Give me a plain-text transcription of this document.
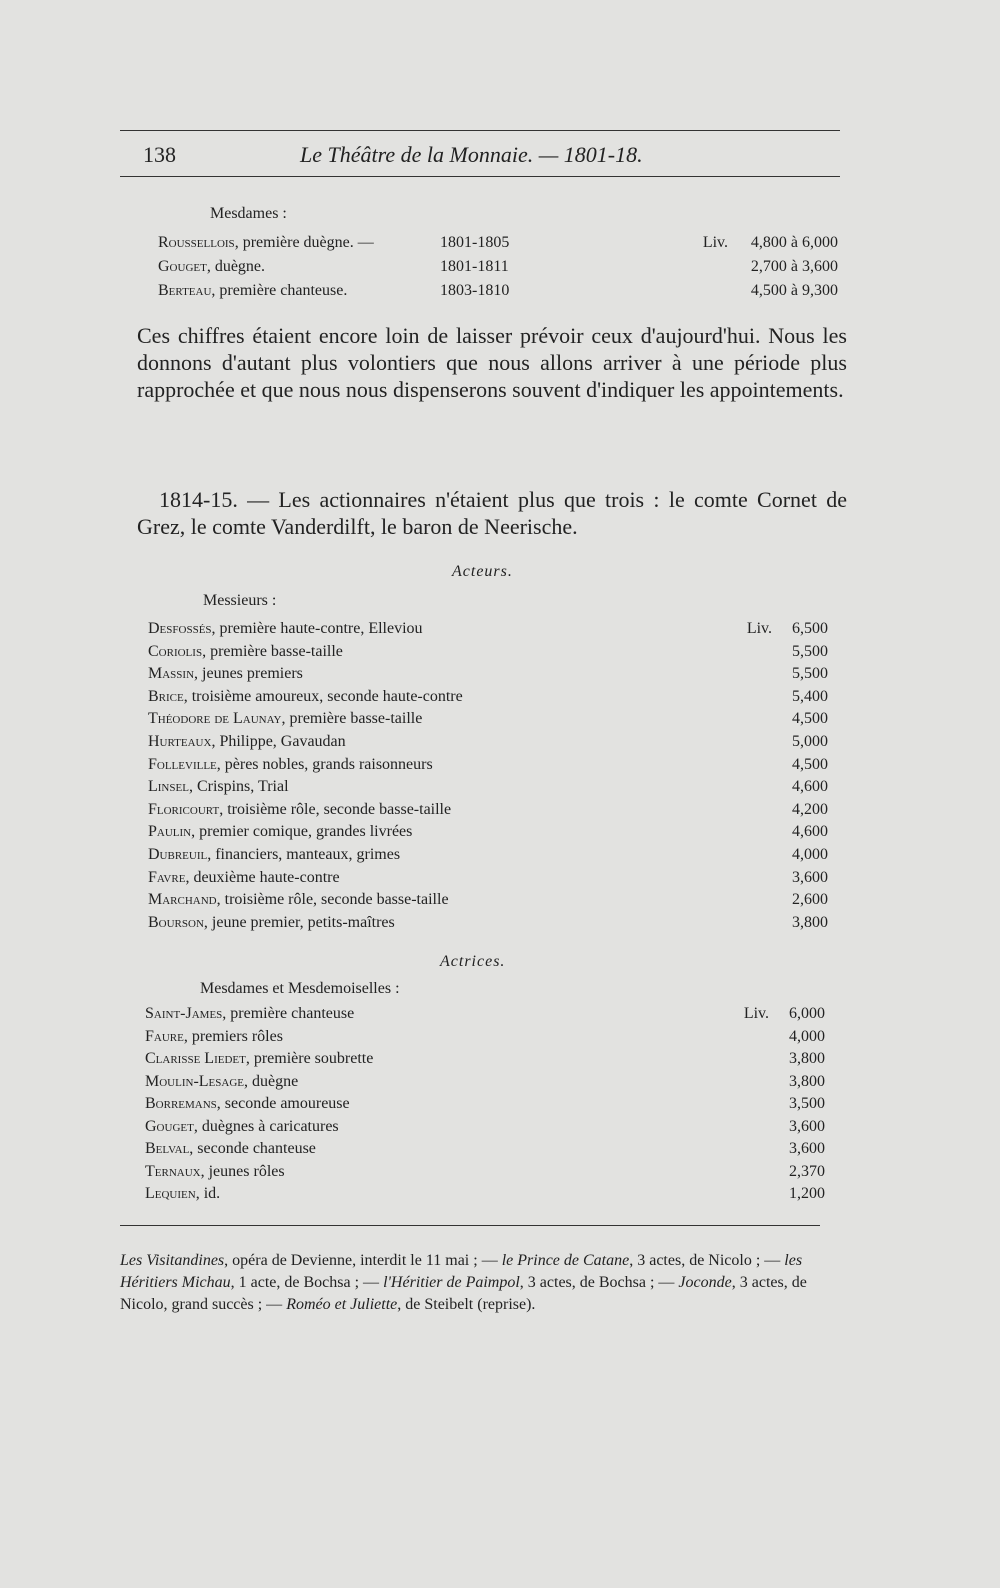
138	Le Théâtre de la Monnaie. — 1801-18.
Mesdames :
Roussellois, première duègne. —	1801-1805	Liv. 4,800 à 6,000
Gouget, duègne.	1801-1811	2,700 à 3,600
Berteau, première chanteuse.	1803-1810	4,500 à 9,300
Ces chiffres étaient encore loin de laisser prévoir ceux d'aujourd'hui. Nous les donnons d'autant plus volontiers que nous allons arriver à une période plus rapprochée et que nous nous dispenserons souvent d'indiquer les appointements.
1814-15. — Les actionnaires n'étaient plus que trois : le comte Cornet de Grez, le comte Vanderdilft, le baron de Neerische.
Acteurs.
Messieurs :
Desfossés, première haute-contre, Elleviou	Liv. 6,500
Coriolis, première basse-taille	5,500
Massin, jeunes premiers	5,500
Brice, troisième amoureux, seconde haute-contre	5,400
Théodore de Launay, première basse-taille	4,500
Hurteaux, Philippe, Gavaudan	5,000
Folleville, pères nobles, grands raisonneurs	4,500
Linsel, Crispins, Trial	4,600
Floricourt, troisième rôle, seconde basse-taille	4,200
Paulin, premier comique, grandes livrées	4,600
Dubreuil, financiers, manteaux, grimes	4,000
Favre, deuxième haute-contre	3,600
Marchand, troisième rôle, seconde basse-taille	2,600
Bourson, jeune premier, petits-maîtres	3,800
Actrices.
Mesdames et Mesdemoiselles :
Saint-James, première chanteuse	Liv. 6,000
Faure, premiers rôles	4,000
Clarisse Liedet, première soubrette	3,800
Moulin-Lesage, duègne	3,800
Borremans, seconde amoureuse	3,500
Gouget, duègnes à caricatures	3,600
Belval, seconde chanteuse	3,600
Ternaux, jeunes rôles	2,370
Lequien, id.	1,200
Les Visitandines, opéra de Devienne, interdit le 11 mai ; — le Prince de Catane, 3 actes, de Nicolo ; — les Héritiers Michau, 1 acte, de Bochsa ; — l'Héritier de Paimpol, 3 actes, de Bochsa ; — Joconde, 3 actes, de Nicolo, grand succès ; — Roméo et Juliette, de Steibelt (reprise).
